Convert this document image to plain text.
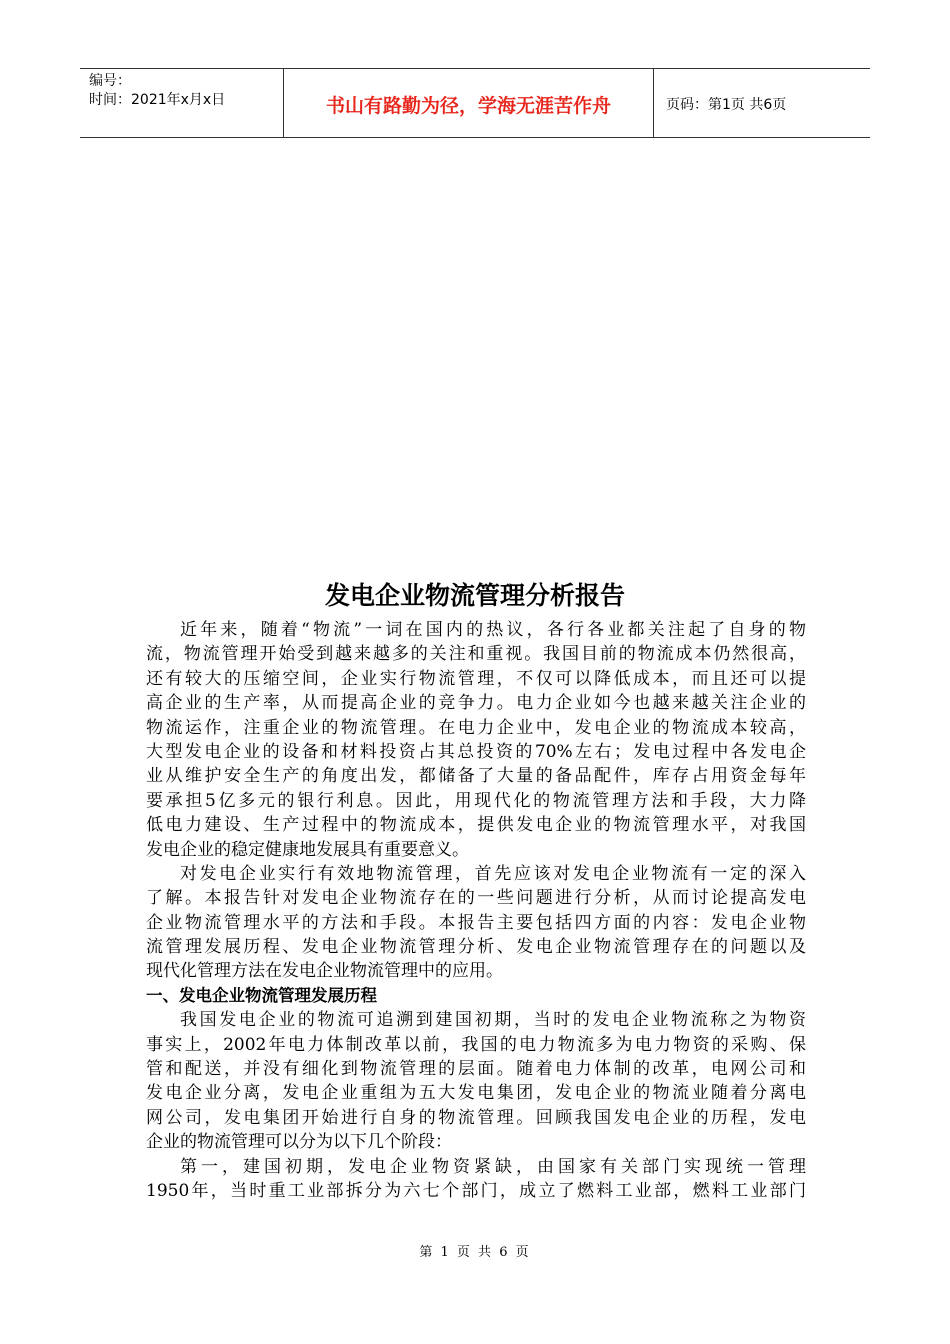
编号：
时间：2021年x月x日	书山有路勤为径，学海无涯苦作舟	页码：第1页 共6页
发电企业物流管理分析报告
近年来，随着“物流”一词在国内的热议，各行各业都关注起了自身的物
流，物流管理开始受到越来越多的关注和重视。我国目前的物流成本仍然很高，
还有较大的压缩空间，企业实行物流管理，不仅可以降低成本，而且还可以提
高企业的生产率，从而提高企业的竞争力。电力企业如今也越来越关注企业的
物流运作，注重企业的物流管理。在电力企业中，发电企业的物流成本较高，
大型发电企业的设备和材料投资占其总投资的70%左右；发电过程中各发电企
业从维护安全生产的角度出发，都储备了大量的备品配件，库存占用资金每年
要承担5亿多元的银行利息。因此，用现代化的物流管理方法和手段，大力降
低电力建设、生产过程中的物流成本，提供发电企业的物流管理水平，对我国
发电企业的稳定健康地发展具有重要意义。
对发电企业实行有效地物流管理，首先应该对发电企业物流有一定的深入
了解。本报告针对发电企业物流存在的一些问题进行分析，从而讨论提高发电
企业物流管理水平的方法和手段。本报告主要包括四方面的内容：发电企业物
流管理发展历程、发电企业物流管理分析、发电企业物流管理存在的问题以及
现代化管理方法在发电企业物流管理中的应用。
一、发电企业物流管理发展历程
我国发电企业的物流可追溯到建国初期，当时的发电企业物流称之为物资
事实上，2002年电力体制改革以前，我国的电力物流多为电力物资的采购、保
管和配送，并没有细化到物流管理的层面。随着电力体制的改革，电网公司和
发电企业分离，发电企业重组为五大发电集团，发电企业的物流业随着分离电
网公司，发电集团开始进行自身的物流管理。回顾我国发电企业的历程，发电
企业的物流管理可以分为以下几个阶段：
第一，建国初期，发电企业物资紧缺，由国家有关部门实现统一管理
1950年，当时重工业部拆分为六七个部门，成立了燃料工业部，燃料工业部门
第 1 页 共 6 页
